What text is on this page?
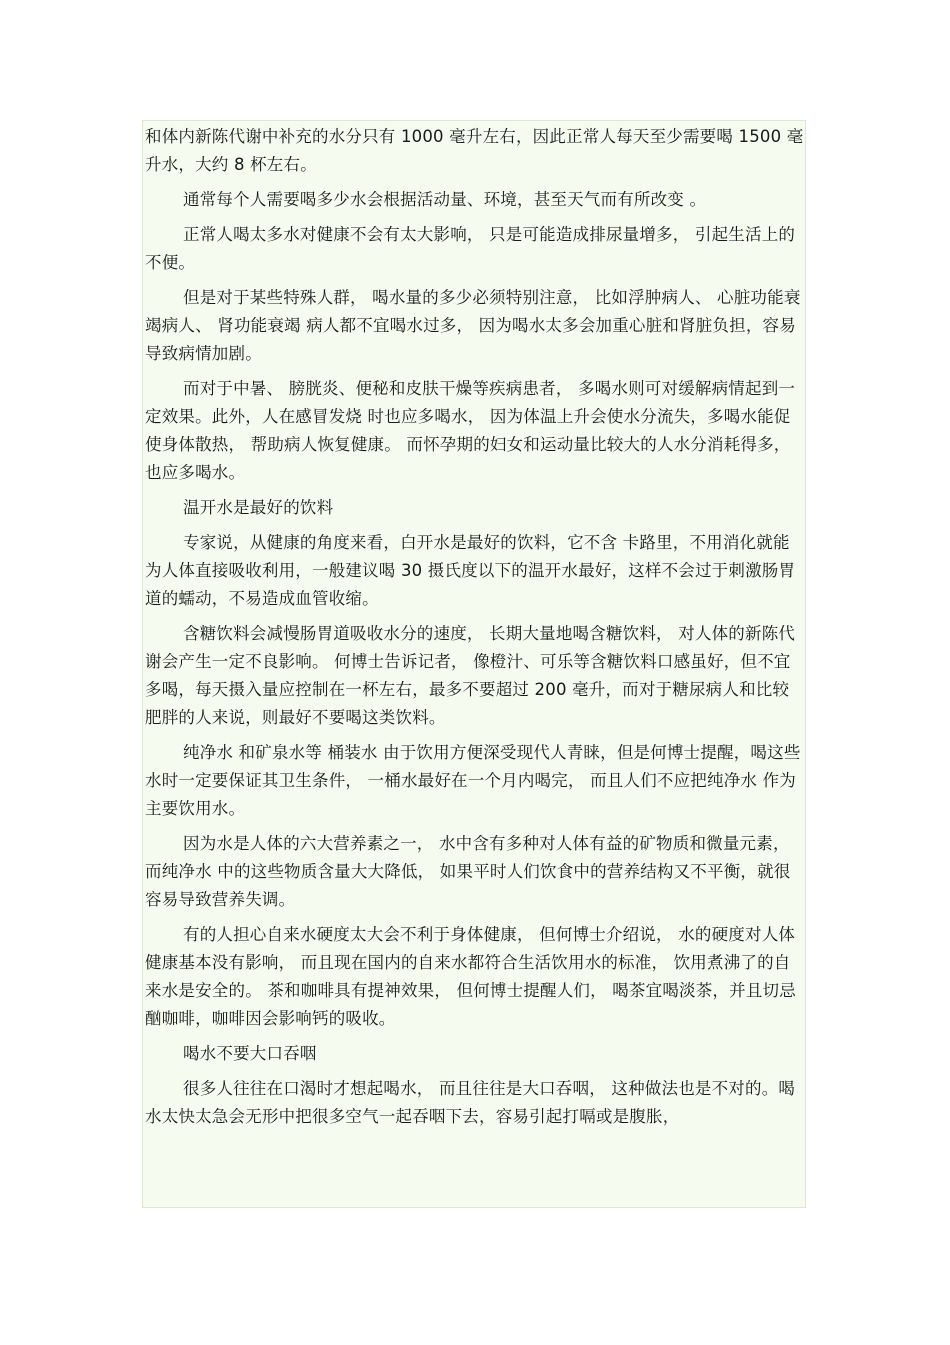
和体内新陈代谢中补充的水分只有 1000 毫升左右，因此正常人每天至少需要喝 1500 毫升水，大约 8 杯左右。

通常每个人需要喝多少水会根据活动量、环境，甚至天气而有所改变 。

正常人喝太多水对健康不会有太大影响， 只是可能造成排尿量增多， 引起生活上的不便。

但是对于某些特殊人群， 喝水量的多少必须特别注意， 比如浮肿病人、 心脏功能衰竭病人、 肾功能衰竭 病人都不宜喝水过多， 因为喝水太多会加重心脏和肾脏负担，容易导致病情加剧。

而对于中暑、 膀胱炎、便秘和皮肤干燥等疾病患者， 多喝水则可对缓解病情起到一定效果。此外，人在感冒发烧 时也应多喝水， 因为体温上升会使水分流失，多喝水能促使身体散热， 帮助病人恢复健康。 而怀孕期的妇女和运动量比较大的人水分消耗得多，也应多喝水。

温开水是最好的饮料

专家说，从健康的角度来看，白开水是最好的饮料，它不含 卡路里，不用消化就能为人体直接吸收利用，一般建议喝 30 摄氏度以下的温开水最好，这样不会过于刺激肠胃道的蠕动，不易造成血管收缩。

含糖饮料会减慢肠胃道吸收水分的速度， 长期大量地喝含糖饮料， 对人体的新陈代谢会产生一定不良影响。 何博士告诉记者， 像橙汁、可乐等含糖饮料口感虽好，但不宜多喝，每天摄入量应控制在一杯左右，最多不要超过 200 毫升，而对于糖尿病人和比较肥胖的人来说，则最好不要喝这类饮料。

纯净水 和矿泉水等 桶装水 由于饮用方便深受现代人青睐，但是何博士提醒，喝这些水时一定要保证其卫生条件， 一桶水最好在一个月内喝完， 而且人们不应把纯净水 作为主要饮用水。

因为水是人体的六大营养素之一， 水中含有多种对人体有益的矿物质和微量元素，而纯净水 中的这些物质含量大大降低， 如果平时人们饮食中的营养结构又不平衡，就很容易导致营养失调。

有的人担心自来水硬度太大会不利于身体健康， 但何博士介绍说， 水的硬度对人体健康基本没有影响， 而且现在国内的自来水都符合生活饮用水的标准， 饮用煮沸了的自来水是安全的。 茶和咖啡具有提神效果， 但何博士提醒人们， 喝茶宜喝淡茶，并且切忌酗咖啡，咖啡因会影响钙的吸收。

喝水不要大口吞咽

很多人往往在口渴时才想起喝水， 而且往往是大口吞咽， 这种做法也是不对的。喝水太快太急会无形中把很多空气一起吞咽下去，容易引起打嗝或是腹胀，
